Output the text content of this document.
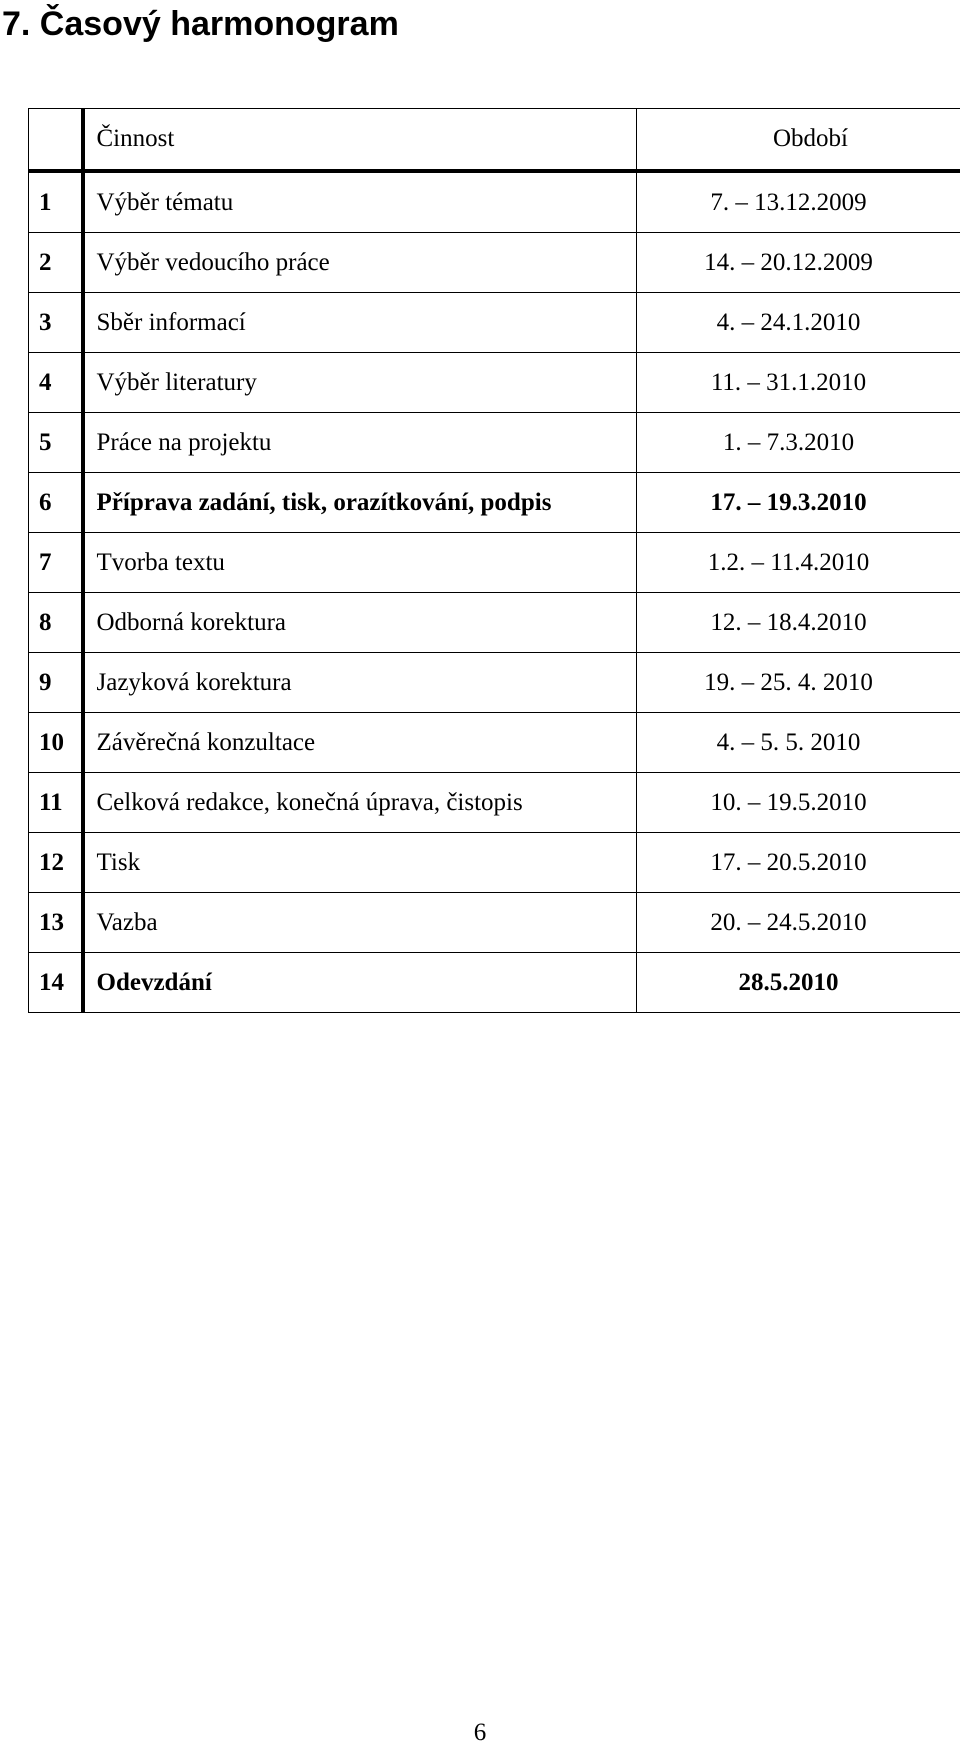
7. Časový harmonogram
	Činnost	Období
1	Výběr tématu	7. – 13.12.2009
2	Výběr vedoucího práce	14. – 20.12.2009
3	Sběr informací	4. – 24.1.2010
4	Výběr literatury	11. – 31.1.2010
5	Práce na projektu	1. – 7.3.2010
6	Příprava zadání, tisk, orazítkování, podpis	17. – 19.3.2010
7	Tvorba textu	1.2. – 11.4.2010
8	Odborná korektura	12. – 18.4.2010
9	Jazyková korektura	19. – 25. 4. 2010
10	Závěrečná konzultace	4. – 5. 5. 2010
11	Celková redakce, konečná úprava, čistopis	10. – 19.5.2010
12	Tisk	17. – 20.5.2010
13	Vazba	20. – 24.5.2010
14	Odevzdání	28.5.2010

6
